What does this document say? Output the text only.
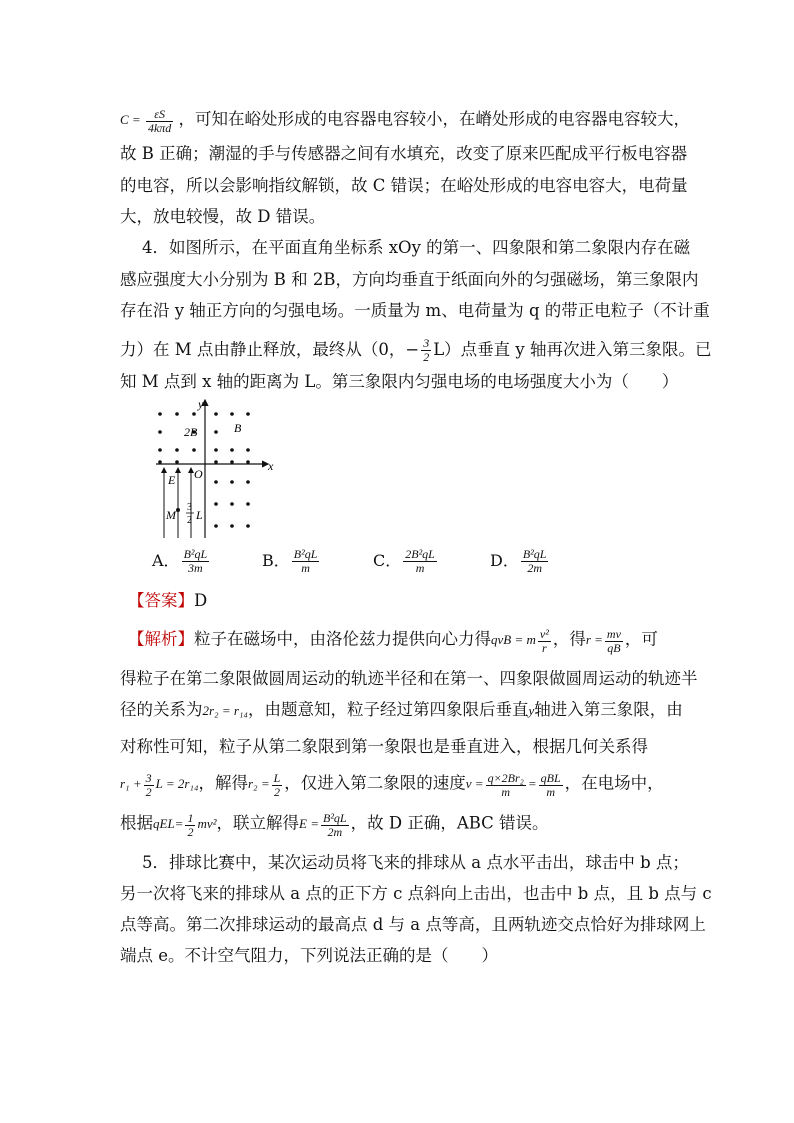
$C = \frac{\varepsilon S}{\text{4kπd}}$ ，可知在峪处形成的电容器电容较小，在嵴处形成的电容器电容较大，
故 B 正确；潮湿的手与传感器之间有水填充，改变了原来匹配成平行板电容器
的电容，所以会影响指纹解锁，故 C 错误；在峪处形成的电容电容大，电荷量
大，放电较慢，故 D 错误。
4．如图所示，在平面直角坐标系 xOy 的第一、四象限和第二象限内存在磁
感应强度大小分别为 B 和 2B，方向均垂直于纸面向外的匀强磁场，第三象限内
存在沿 y 轴正方向的匀强电场。一质量为 m、电荷量为 q 的带正电粒子（不计重
力）在 M 点由静止释放，最终从（0，− $\frac{3}{2} L$）点垂直 y 轴再次进入第三象限。已
知 M 点到 x 轴的距离为 L。第三象限内匀强电场的电场强度大小为（　　）
x
y
O
2B	B
E
M
3
2 L
A． $\frac{\text{B²qL}}{3m}$	B． $\frac{\text{B²qL}}{m}$	C． $\frac{\text{2B²qL}}{m}$	D． $\frac{\text{B²qL}}{2m}$
【答案】D
【解析】粒子在磁场中，由洛伦兹力提供向心力得qvB = m $\frac{\text{v²}}{r}$ ，得$r = \frac{mv}{qB}$ ，可
得粒子在第二象限做圆周运动的轨迹半径和在第一、四象限做圆周运动的轨迹半
径的关系为2r₂ = r₁₄，由题意知，粒子经过第四象限后垂直y轴进入第三象限，由
对称性可知，粒子从第二象限到第一象限也是垂直进入，根据几何关系得
$r_1 + \frac{3}{2}$ L = 2r₁₄，解得$r_2 = \frac{L}{2}$ ，仅进入第二象限的速度$v = \frac{\text{q×2Br₂}}{m} = \frac{\text{qBL}}{m}$ ，在电场中，
根据$qEL= \frac{1}{2} mv^2$，联立解得$E = \frac{\text{B²qL}}{2m}$ ，故 D 正确，ABC 错误。
5．排球比赛中，某次运动员将飞来的排球从 a 点水平击出，球击中 b 点；
另一次将飞来的排球从 a 点的正下方 c 点斜向上击出，也击中 b 点，且 b 点与 c
点等高。第二次排球运动的最高点 d 与 a 点等高，且两轨迹交点恰好为排球网上
端点 e。不计空气阻力，下列说法正确的是（　　）
